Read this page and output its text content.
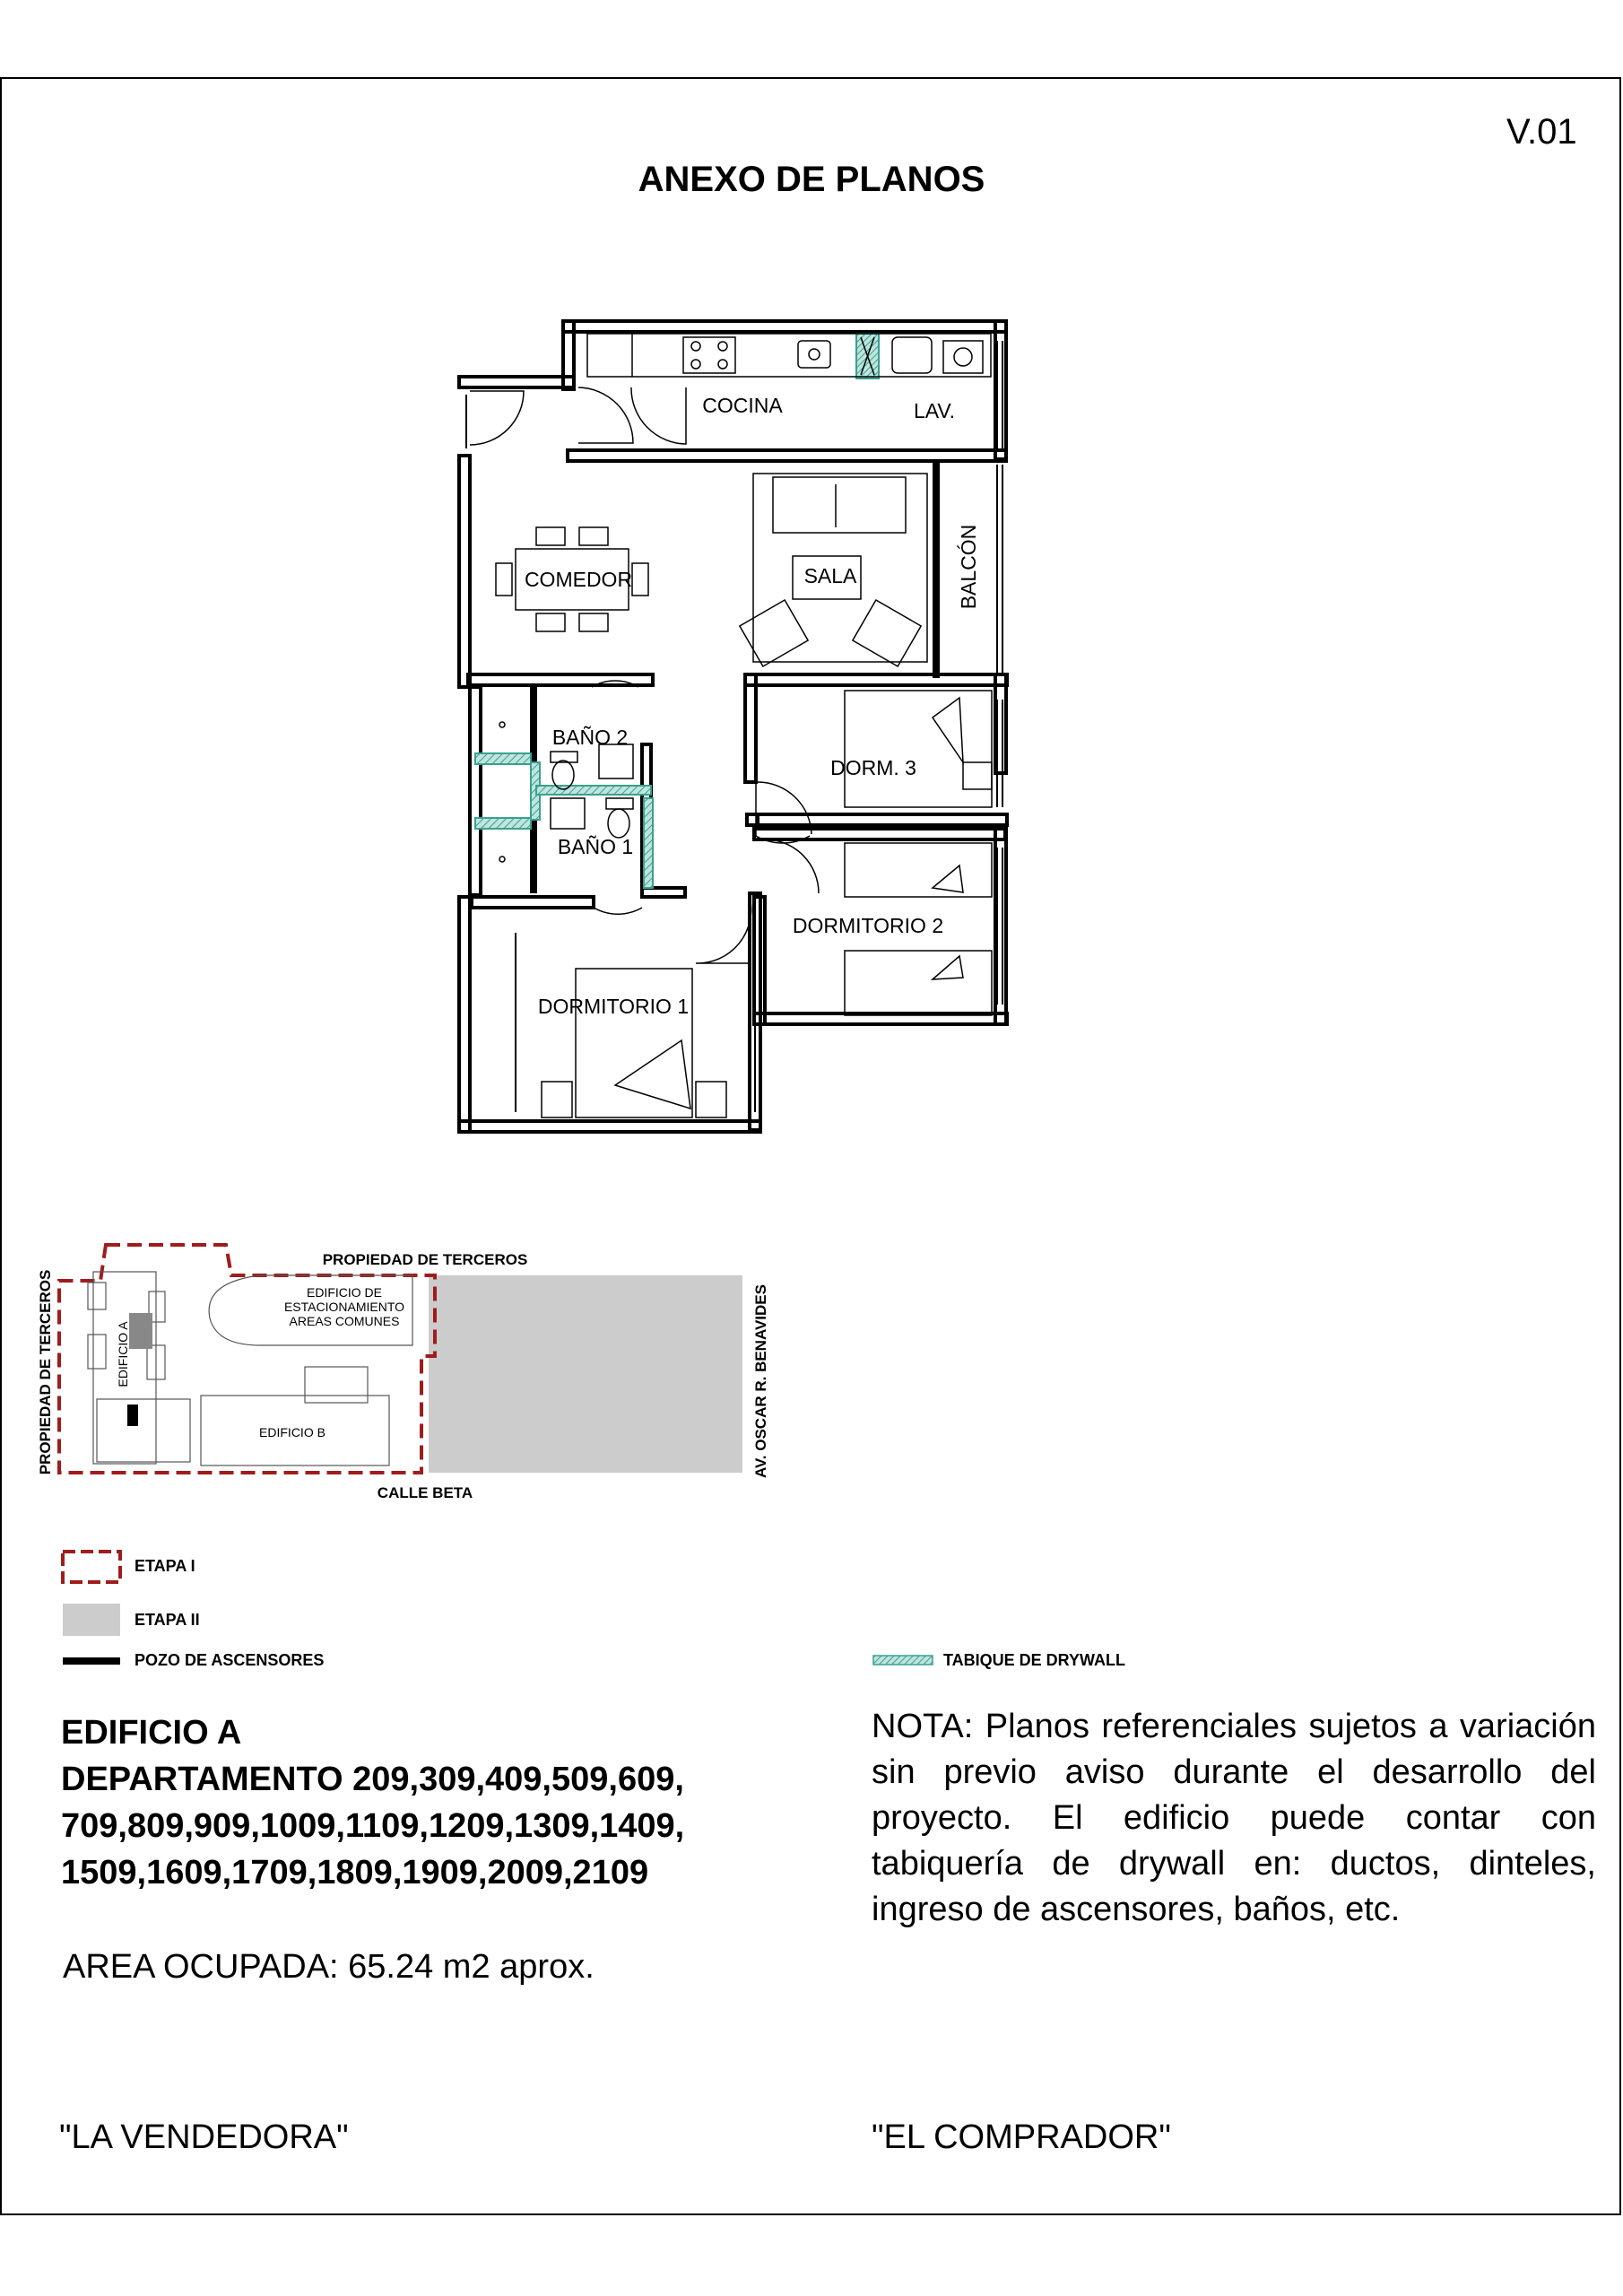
V.01
ANEXO DE PLANOS
COCINA	LAV.
COMEDOR	SALA	BALCÓN
BAÑO 2
BAÑO 1
DORM. 3
DORMITORIO 2
DORMITORIO 1
PROPIEDAD DE TERCEROS
PROPIEDAD DE TERCEROS	AV. OSCAR R. BENAVIDES
CALLE BETA
EDIFICIO DE
ESTACIONAMIENTO
AREAS COMUNES
EDIFICIO A
EDIFICIO B
ETAPA I
ETAPA II
POZO DE ASCENSORES	TABIQUE DE DRYWALL
EDIFICIO A
DEPARTAMENTO 209,309,409,509,609,
709,809,909,1009,1109,1209,1309,1409,
1509,1609,1709,1809,1909,2009,2109
AREA OCUPADA: 65.24 m2 aprox.
NOTA: Planos referenciales sujetos a variación sin previo aviso durante el desarrollo del proyecto. El edificio puede contar con tabiquería de drywall en: ductos, dinteles, ingreso de ascensores, baños, etc.
"LA VENDEDORA"	"EL COMPRADOR"
